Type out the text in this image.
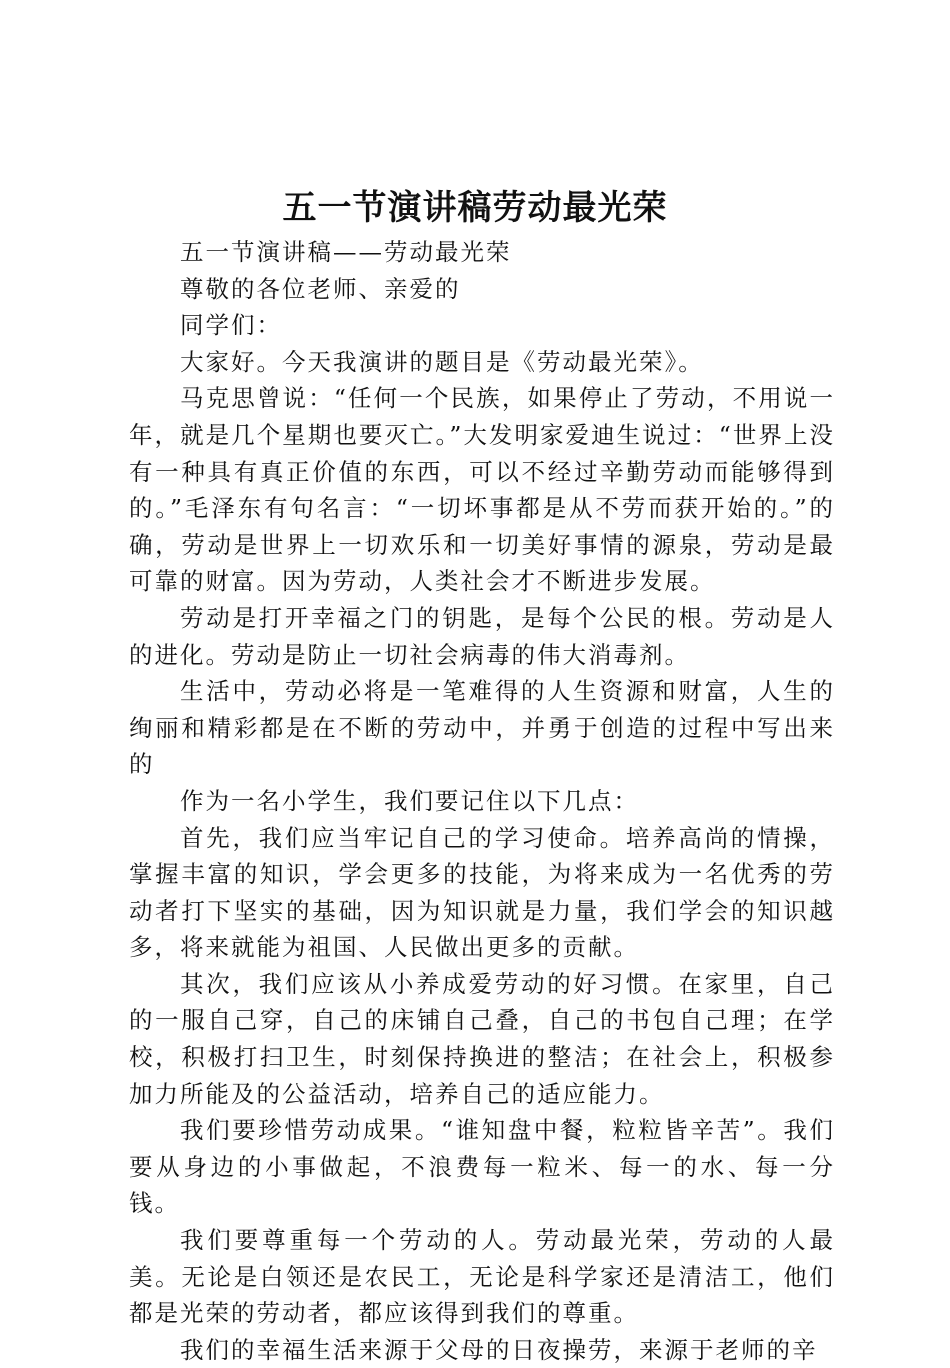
五一节演讲稿劳动最光荣

五一节演讲稿——劳动最光荣

尊敬的各位老师、亲爱的

同学们：

大家好。今天我演讲的题目是《劳动最光荣》。

马克思曾说：“任何一个民族，如果停止了劳动，不用说一年，就是几个星期也要灭亡。”大发明家爱迪生说过：“世界上没有一种具有真正价值的东西，可以不经过辛勤劳动而能够得到的。”毛泽东有句名言：“一切坏事都是从不劳而获开始的。”的确，劳动是世界上一切欢乐和一切美好事情的源泉，劳动是最可靠的财富。因为劳动，人类社会才不断进步发展。

劳动是打开幸福之门的钥匙，是每个公民的根。劳动是人的进化。劳动是防止一切社会病毒的伟大消毒剂。

生活中，劳动必将是一笔难得的人生资源和财富，人生的绚丽和精彩都是在不断的劳动中，并勇于创造的过程中写出来的

作为一名小学生，我们要记住以下几点：

首先，我们应当牢记自己的学习使命。培养高尚的情操，掌握丰富的知识，学会更多的技能，为将来成为一名优秀的劳动者打下坚实的基础，因为知识就是力量，我们学会的知识越多，将来就能为祖国、人民做出更多的贡献。

其次，我们应该从小养成爱劳动的好习惯。在家里，自己的一服自己穿，自己的床铺自己叠，自己的书包自己理；在学校，积极打扫卫生，时刻保持换进的整洁；在社会上，积极参加力所能及的公益活动，培养自己的适应能力。

我们要珍惜劳动成果。“谁知盘中餐，粒粒皆辛苦”。我们要从身边的小事做起，不浪费每一粒米、每一的水、每一分钱。

我们要尊重每一个劳动的人。劳动最光荣，劳动的人最美。无论是白领还是农民工，无论是科学家还是清洁工，他们都是光荣的劳动者，都应该得到我们的尊重。

我们的幸福生活来源于父母的日夜操劳，来源于老师的辛
